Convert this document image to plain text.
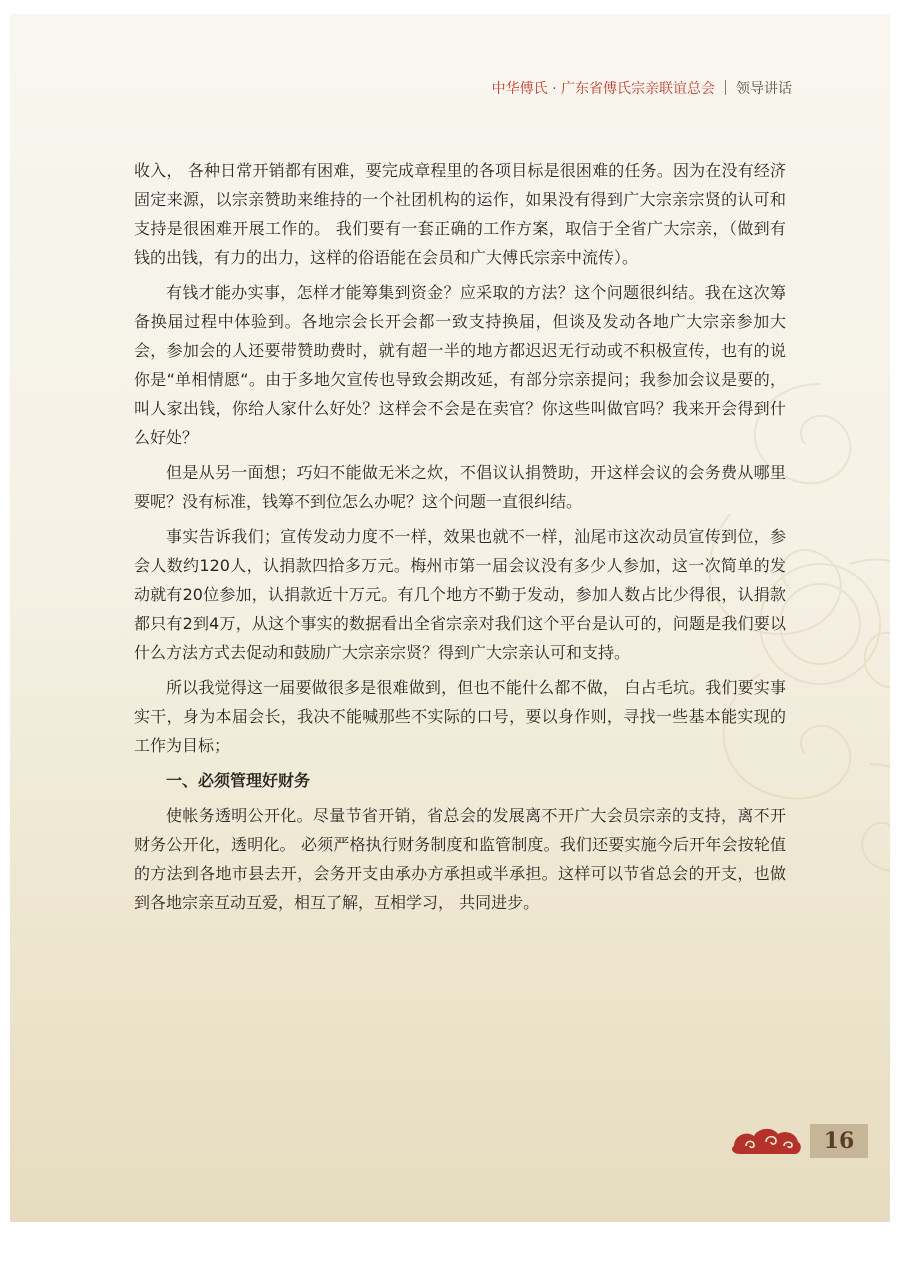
中华傅氏 · 广东省傅氏宗亲联谊总会 领导讲话

收入， 各种日常开销都有困难，要完成章程里的各项目标是很困难的任务。因为在没有经济固定来源，以宗亲赞助来维持的一个社团机构的运作，如果没有得到广大宗亲宗贤的认可和支持是很困难开展工作的。 我们要有一套正确的工作方案，取信于全省广大宗亲，（做到有钱的出钱，有力的出力，这样的俗语能在会员和广大傅氏宗亲中流传）。

有钱才能办实事，怎样才能筹集到资金？应采取的方法？这个问题很纠结。我在这次筹备换届过程中体验到。各地宗会长开会都一致支持换届，但谈及发动各地广大宗亲参加大会，参加会的人还要带赞助费时，就有超一半的地方都迟迟无行动或不积极宣传，也有的说你是“单相情愿“。由于多地欠宣传也导致会期改延，有部分宗亲提问；我参加会议是要的，叫人家出钱，你给人家什么好处？这样会不会是在卖官？你这些叫做官吗？我来开会得到什么好处？

但是从另一面想；巧妇不能做无米之炊，不倡议认捐赞助，开这样会议的会务费从哪里要呢？没有标准，钱筹不到位怎么办呢？这个问题一直很纠结。

事实告诉我们；宣传发动力度不一样，效果也就不一样，汕尾市这次动员宣传到位，参会人数约120人，认捐款四拾多万元。梅州市第一届会议没有多少人参加，这一次简单的发动就有20位参加，认捐款近十万元。有几个地方不勤于发动，参加人数占比少得很，认捐款都只有2到4万，从这个事实的数据看出全省宗亲对我们这个平台是认可的，问题是我们要以什么方法方式去促动和鼓励广大宗亲宗贤？得到广大宗亲认可和支持。

所以我觉得这一届要做很多是很难做到，但也不能什么都不做， 白占毛坑。我们要实事实干，身为本届会长，我决不能喊那些不实际的口号，要以身作则，寻找一些基本能实现的工作为目标；

一、必须管理好财务

使帐务透明公开化。尽量节省开销，省总会的发展离不开广大会员宗亲的支持，离不开财务公开化，透明化。 必须严格执行财务制度和监管制度。我们还要实施今后开年会按轮值的方法到各地市县去开，会务开支由承办方承担或半承担。这样可以节省总会的开支，也做到各地宗亲互动互爱，相互了解，互相学习， 共同进步。

16
